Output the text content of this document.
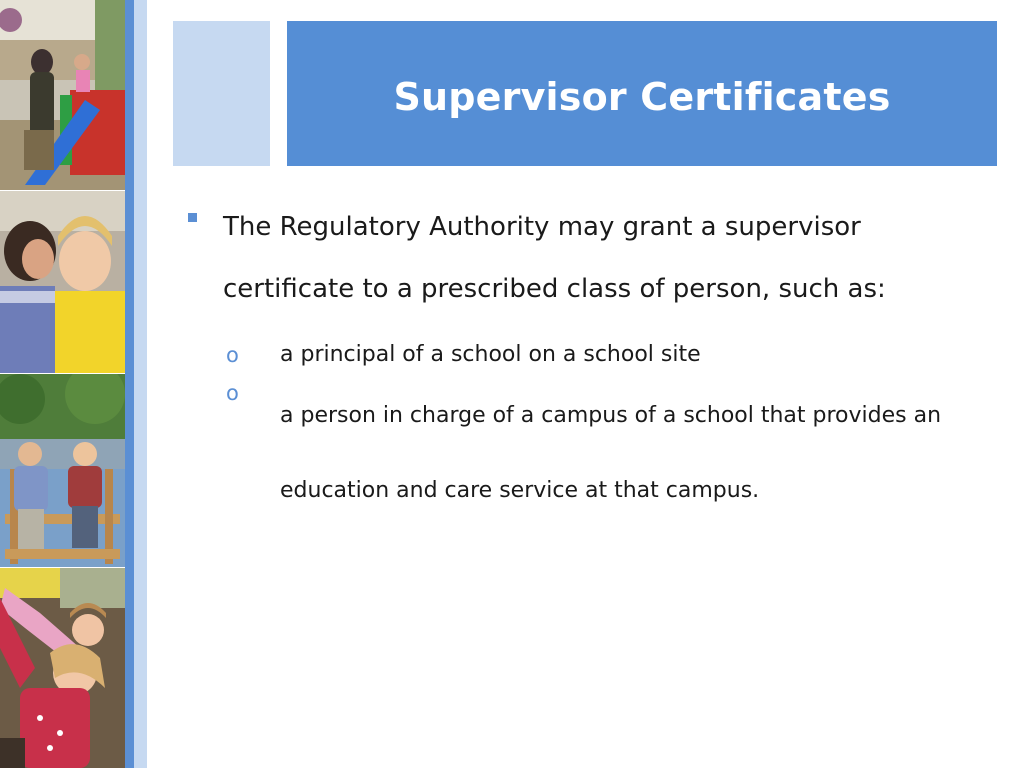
Supervisor Certificates
The Regulatory Authority may grant a supervisor certificate to a prescribed class of person, such as:
o a principal of a school on a school site
o
a person in charge of a campus of a school that provides an education and care service at that campus.
